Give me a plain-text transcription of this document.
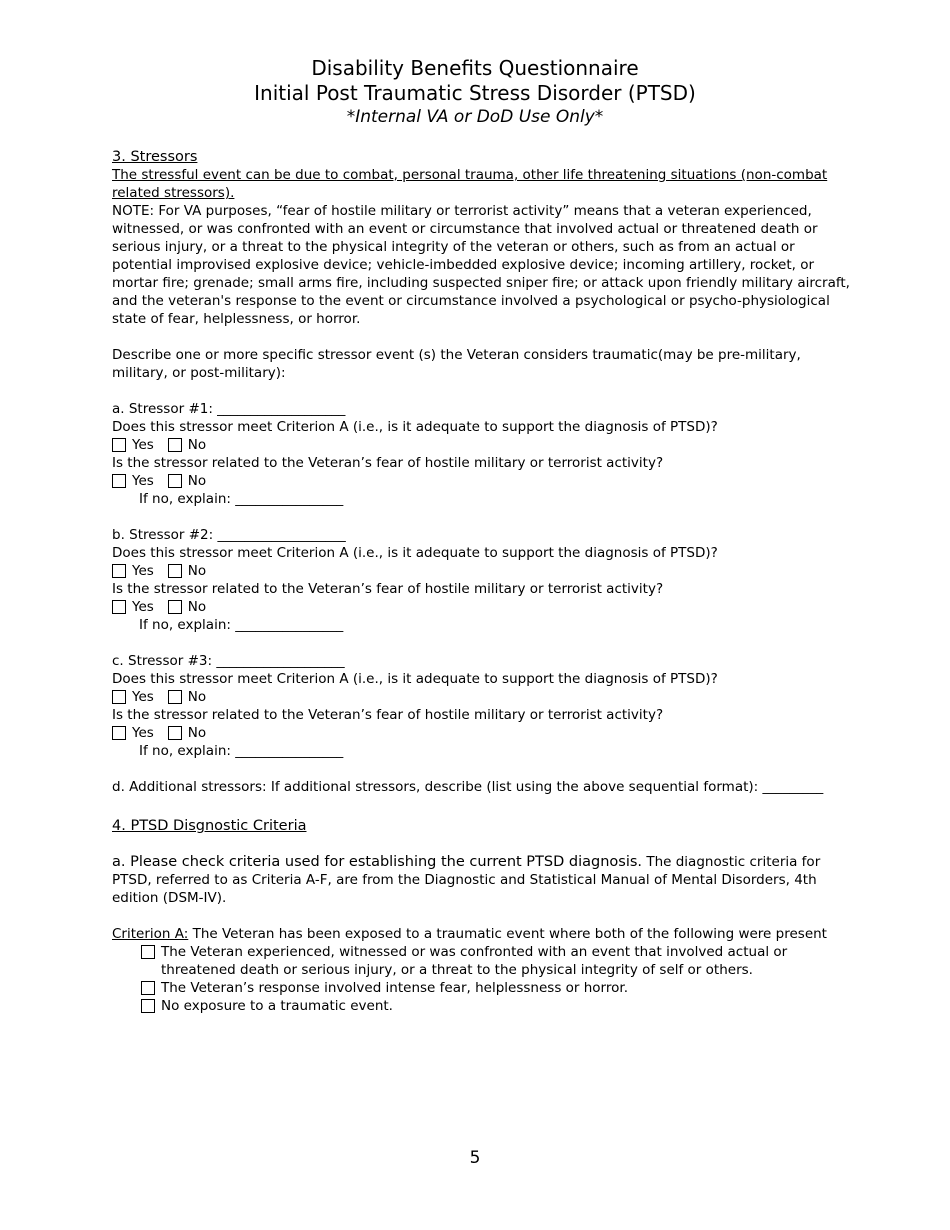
Disability Benefits Questionnaire
Initial Post Traumatic Stress Disorder (PTSD)
*Internal VA or DoD Use Only*

3. Stressors

The stressful event can be due to combat, personal trauma, other life threatening situations (non-combat related stressors).

NOTE: For VA purposes, “fear of hostile military or terrorist activity” means that a veteran experienced, witnessed, or was confronted with an event or circumstance that involved actual or threatened death or serious injury, or a threat to the physical integrity of the veteran or others, such as from an actual or potential improvised explosive device; vehicle-imbedded explosive device; incoming artillery, rocket, or mortar fire; grenade; small arms fire, including suspected sniper fire; or attack upon friendly military aircraft, and the veteran's response to the event or circumstance involved a psychological or psycho-physiological state of fear, helplessness, or horror.

Describe one or more specific stressor event (s) the Veteran considers traumatic(may be pre-military, military, or post-military):

a. Stressor #1: ___________________

Does this stressor meet Criterion A (i.e., is it adequate to support the diagnosis of PTSD)?

Yes	No

Is the stressor related to the Veteran’s fear of hostile military or terrorist activity?

Yes	No

If no, explain: ________________

b. Stressor #2: ___________________

Does this stressor meet Criterion A (i.e., is it adequate to support the diagnosis of PTSD)?

Yes	No

Is the stressor related to the Veteran’s fear of hostile military or terrorist activity?

Yes	No

If no, explain: ________________

c. Stressor #3: ___________________

Does this stressor meet Criterion A (i.e., is it adequate to support the diagnosis of PTSD)?

Yes	No

Is the stressor related to the Veteran’s fear of hostile military or terrorist activity?

Yes	No

If no, explain: ________________

d. Additional stressors: If additional stressors, describe (list using the above sequential format): _________

4. PTSD Disgnostic Criteria

a. Please check criteria used for establishing the current PTSD diagnosis. The diagnostic criteria for PTSD, referred to as Criteria A-F, are from the Diagnostic and Statistical Manual of Mental Disorders, 4th edition (DSM-IV).

Criterion A: The Veteran has been exposed to a traumatic event where both of the following were present

The Veteran experienced, witnessed or was confronted with an event that involved actual or threatened death or serious injury, or a threat to the physical integrity of self or others.
The Veteran’s response involved intense fear, helplessness or horror.
No exposure to a traumatic event.
5
